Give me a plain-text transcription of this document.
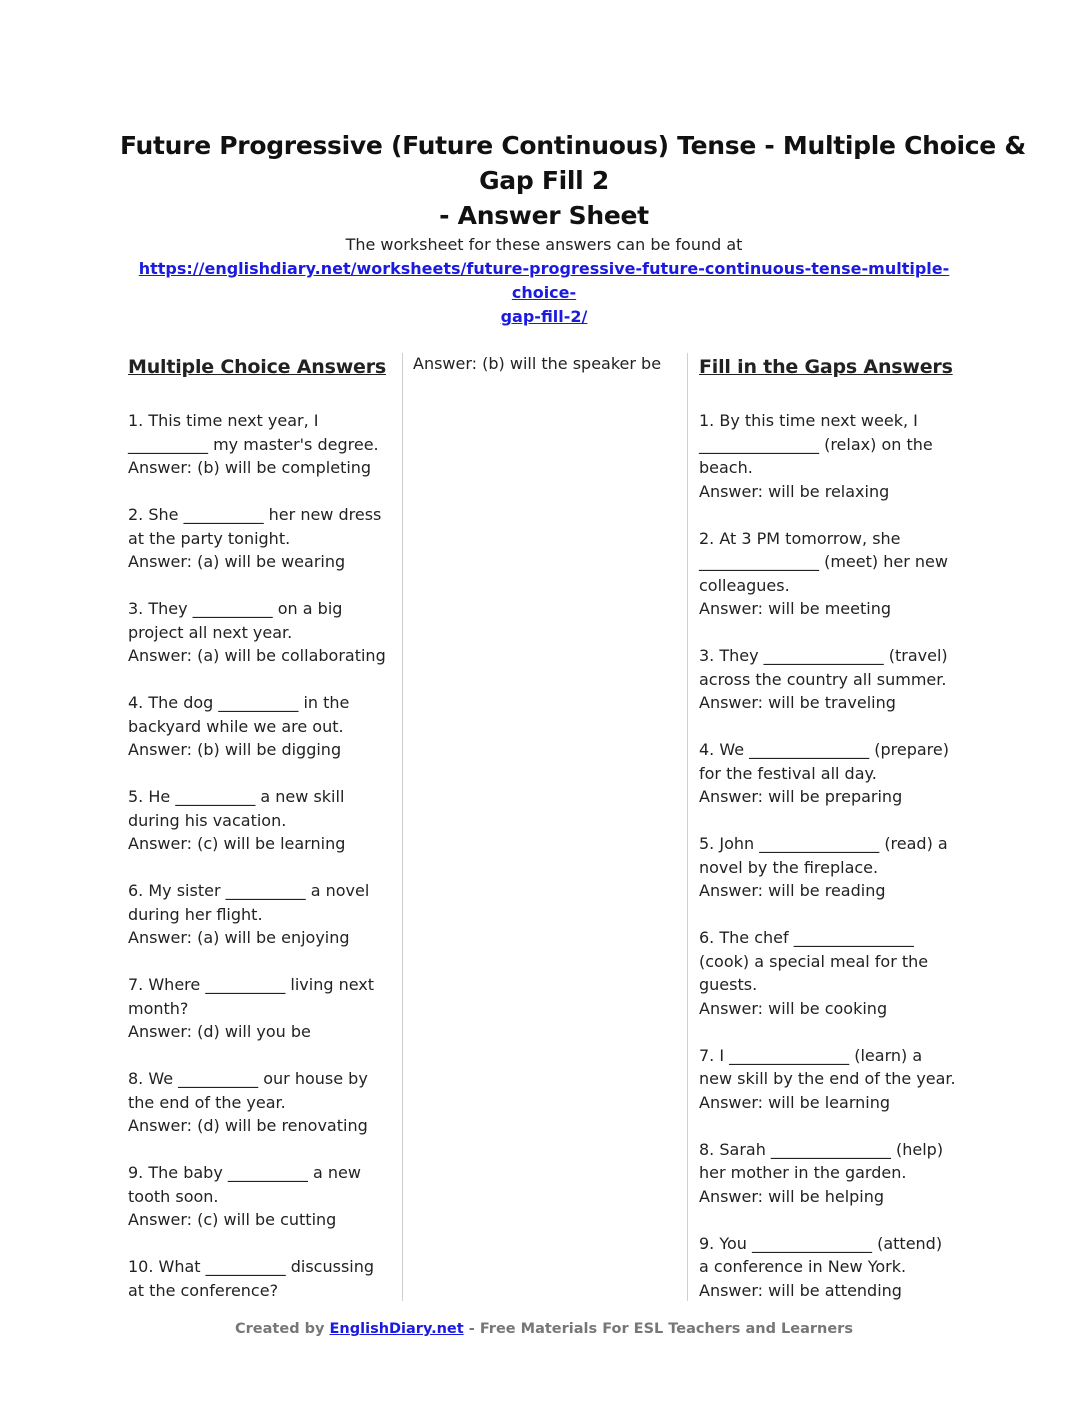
Future Progressive (Future Continuous) Tense - Multiple Choice &
Gap Fill 2
- Answer Sheet
The worksheet for these answers can be found at
https://englishdiary.net/worksheets/future-progressive-future-continuous-tense-multiple-choice-
gap-fill-2/
Multiple Choice Answers
1. This time next year, I
__________ my master's degree.
Answer: (b) will be completing
2. She __________ her new dress
at the party tonight.
Answer: (a) will be wearing
3. They __________ on a big
project all next year.
Answer: (a) will be collaborating
4. The dog __________ in the
backyard while we are out.
Answer: (b) will be digging
5. He __________ a new skill
during his vacation.
Answer: (c) will be learning
6. My sister __________ a novel
during her flight.
Answer: (a) will be enjoying
7. Where __________ living next
month?
Answer: (d) will you be
8. We __________ our house by
the end of the year.
Answer: (d) will be renovating
9. The baby __________ a new
tooth soon.
Answer: (c) will be cutting
10. What __________ discussing
at the conference?
Answer: (b) will the speaker be	Fill in the Gaps Answers
1. By this time next week, I
_______________ (relax) on the
beach.
Answer: will be relaxing
2. At 3 PM tomorrow, she
_______________ (meet) her new
colleagues.
Answer: will be meeting
3. They _______________ (travel)
across the country all summer.
Answer: will be traveling
4. We _______________ (prepare)
for the festival all day.
Answer: will be preparing
5. John _______________ (read) a
novel by the fireplace.
Answer: will be reading
6. The chef _______________
(cook) a special meal for the
guests.
Answer: will be cooking
7. I _______________ (learn) a
new skill by the end of the year.
Answer: will be learning
8. Sarah _______________ (help)
her mother in the garden.
Answer: will be helping
9. You _______________ (attend)
a conference in New York.
Answer: will be attending
Created by EnglishDiary.net - Free Materials For ESL Teachers and Learners
